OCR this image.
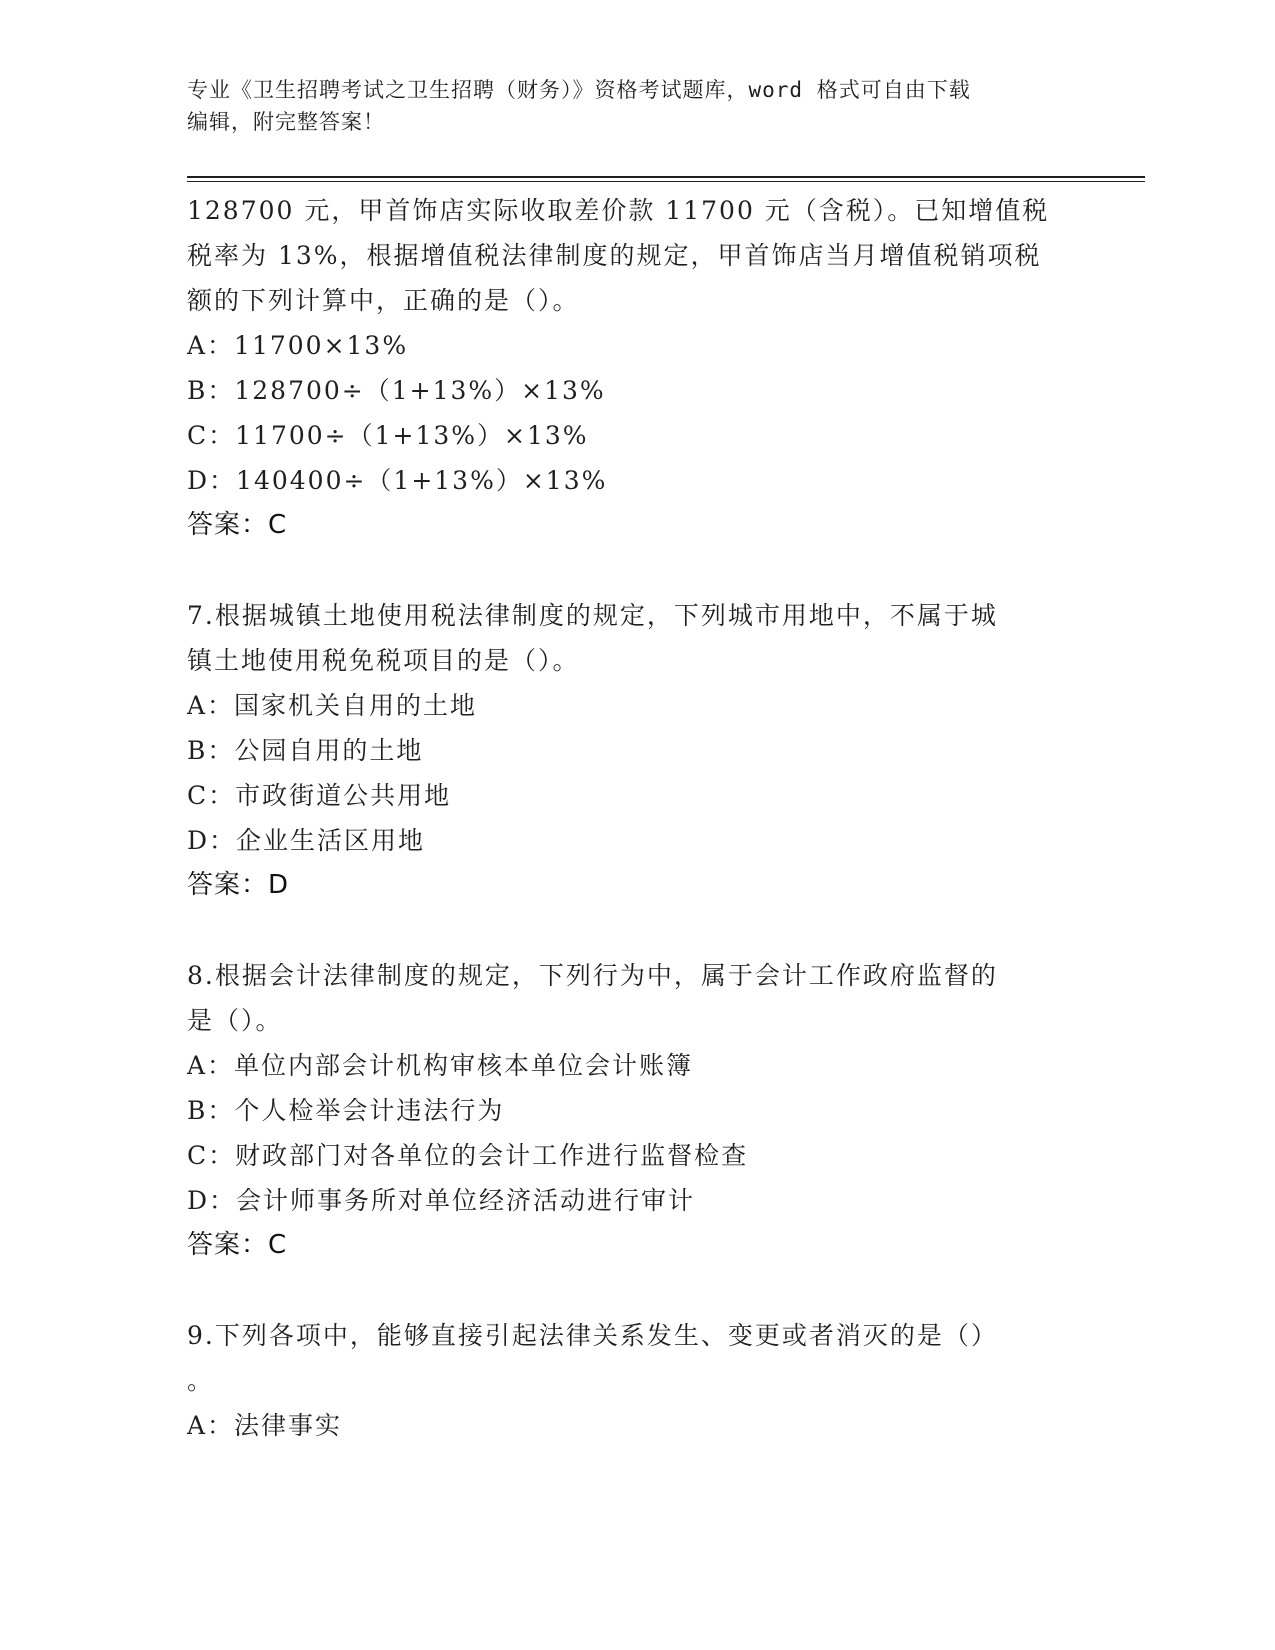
专业《卫生招聘考试之卫生招聘（财务）》资格考试题库，word 格式可自由下载
编辑，附完整答案！
128700 元，甲首饰店实际收取差价款 11700 元（含税）。已知增值税
税率为 13%，根据增值税法律制度的规定，甲首饰店当月增值税销项税
额的下列计算中，正确的是（）。
A：11700×13%
B：128700÷（1+13%）×13%
C：11700÷（1+13%）×13%
D：140400÷（1+13%）×13%
答案：C
7.根据城镇土地使用税法律制度的规定，下列城市用地中，不属于城
镇土地使用税免税项目的是（）。
A：国家机关自用的土地
B：公园自用的土地
C：市政街道公共用地
D：企业生活区用地
答案：D
8.根据会计法律制度的规定，下列行为中，属于会计工作政府监督的
是（）。
A：单位内部会计机构审核本单位会计账簿
B：个人检举会计违法行为
C：财政部门对各单位的会计工作进行监督检查
D：会计师事务所对单位经济活动进行审计
答案：C
9.下列各项中，能够直接引起法律关系发生、变更或者消灭的是（）
。
A：法律事实
